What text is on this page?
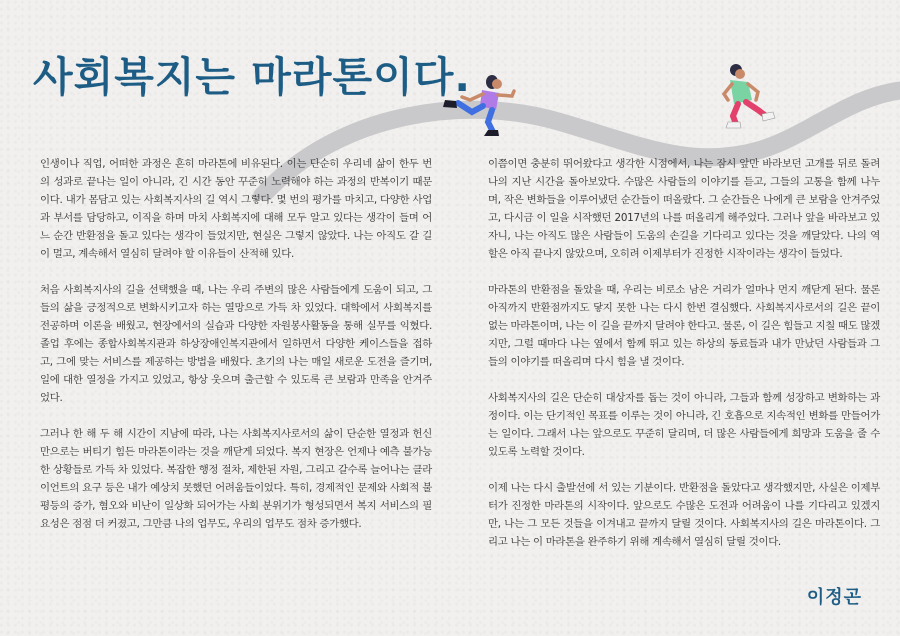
사회복지는 마라톤이다.

인생이나 직업, 어떠한 과정은 흔히 마라톤에 비유된다. 이는 단순히 우리네 삶이 한두 번의 성과로 끝나는 일이 아니라, 긴 시간 동안 꾸준히 노력해야 하는 과정의 반복이기 때문이다. 내가 몸담고 있는 사회복지사의 길 역시 그렇다. 몇 번의 평가를 마치고, 다양한 사업과 부서를 담당하고, 이직을 하며 마치 사회복지에 대해 모두 알고 있다는 생각이 들며 어느 순간 반환점을 돌고 있다는 생각이 들었지만, 현실은 그렇지 않았다. 나는 아직도 갈 길이 멀고, 계속해서 열심히 달려야 할 이유들이 산적해 있다.

처음 사회복지사의 길을 선택했을 때, 나는 우리 주변의 많은 사람들에게 도움이 되고, 그들의 삶을 긍정적으로 변화시키고자 하는 열망으로 가득 차 있었다. 대학에서 사회복지를 전공하며 이론을 배웠고, 현장에서의 실습과 다양한 자원봉사활동을 통해 실무를 익혔다. 졸업 후에는 종합사회복지관과 하상장애인복지관에서 일하면서 다양한 케이스들을 접하고, 그에 맞는 서비스를 제공하는 방법을 배웠다. 초기의 나는 매일 새로운 도전을 즐기며, 일에 대한 열정을 가지고 있었고, 항상 웃으며 출근할 수 있도록 큰 보람과 만족을 안겨주었다.

그러나 한 해 두 해 시간이 지남에 따라, 나는 사회복지사로서의 삶이 단순한 열정과 헌신만으로는 버티기 힘든 마라톤이라는 것을 깨닫게 되었다. 복지 현장은 언제나 예측 불가능한 상황들로 가득 차 있었다. 복잡한 행정 절차, 제한된 자원, 그리고 갈수록 늘어나는 클라이언트의 요구 등은 내가 예상치 못했던 어려움들이었다. 특히, 경제적인 문제와 사회적 불평등의 증가, 혐오와 비난이 일상화 되어가는 사회 분위기가 형성되면서 복지 서비스의 필요성은 점점 더 커졌고, 그만큼 나의 업무도, 우리의 업무도 점차 증가했다.

이쯤이면 충분히 뛰어왔다고 생각한 시점에서, 나는 잠시 앞만 바라보던 고개를 뒤로 돌려 나의 지난 시간을 돌아보았다. 수많은 사람들의 이야기를 듣고, 그들의 고통을 함께 나누며, 작은 변화들을 이루어냈던 순간들이 떠올랐다. 그 순간들은 나에게 큰 보람을 안겨주었고, 다시금 이 일을 시작했던 2017년의 나를 떠올리게 해주었다. 그러나 앞을 바라보고 있자니, 나는 아직도 많은 사람들이 도움의 손길을 기다리고 있다는 것을 깨달았다. 나의 역할은 아직 끝나지 않았으며, 오히려 이제부터가 진정한 시작이라는 생각이 들었다.

마라톤의 반환점을 돌았을 때, 우리는 비로소 남은 거리가 얼마나 먼지 깨닫게 된다. 물론 아직까지 반환점까지도 닿지 못한 나는 다시 한번 결심했다. 사회복지사로서의 길은 끝이 없는 마라톤이며, 나는 이 길을 끝까지 달려야 한다고. 물론, 이 길은 힘들고 지칠 때도 많겠지만, 그럴 때마다 나는 옆에서 함께 뛰고 있는 하상의 동료들과 내가 만났던 사람들과 그들의 이야기를 떠올리며 다시 힘을 낼 것이다.

사회복지사의 길은 단순히 대상자를 돕는 것이 아니라, 그들과 함께 성장하고 변화하는 과정이다. 이는 단기적인 목표를 이루는 것이 아니라, 긴 호흡으로 지속적인 변화를 만들어가는 일이다. 그래서 나는 앞으로도 꾸준히 달리며, 더 많은 사람들에게 희망과 도움을 줄 수 있도록 노력할 것이다.

이제 나는 다시 출발선에 서 있는 기분이다. 반환점을 돌았다고 생각했지만, 사실은 이제부터가 진정한 마라톤의 시작이다. 앞으로도 수많은 도전과 어려움이 나를 기다리고 있겠지만, 나는 그 모든 것들을 이겨내고 끝까지 달릴 것이다. 사회복지사의 길은 마라톤이다. 그리고 나는 이 마라톤을 완주하기 위해 계속해서 열심히 달릴 것이다.

이정곤
